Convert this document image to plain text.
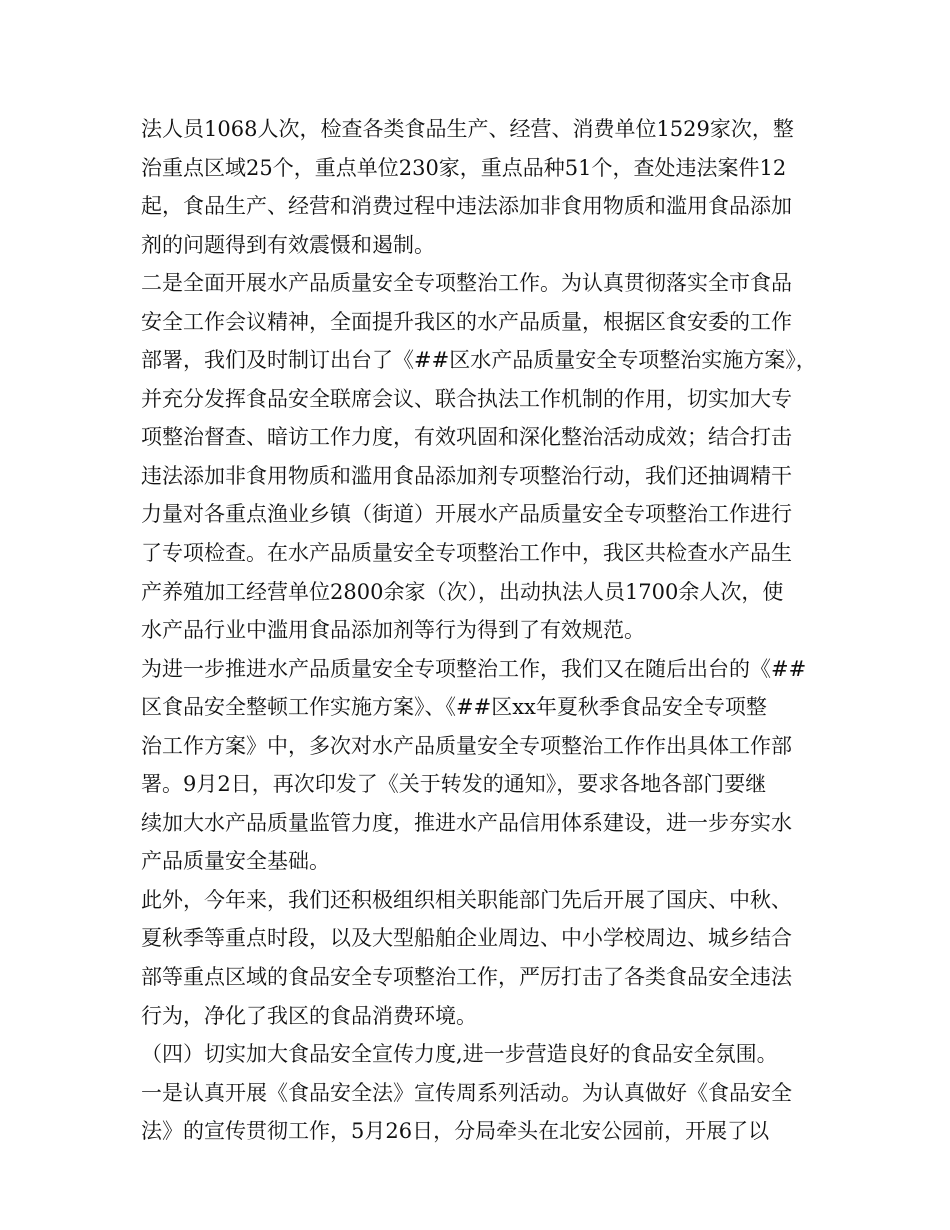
法人员1068人次，检查各类食品生产、经营、消费单位1529家次，整
治重点区域25个，重点单位230家，重点品种51个，查处违法案件12
起，食品生产、经营和消费过程中违法添加非食用物质和滥用食品添加
剂的问题得到有效震慑和遏制。
二是全面开展水产品质量安全专项整治工作。为认真贯彻落实全市食品
安全工作会议精神，全面提升我区的水产品质量，根据区食安委的工作
部署，我们及时制订出台了《##区水产品质量安全专项整治实施方案》，
并充分发挥食品安全联席会议、联合执法工作机制的作用，切实加大专
项整治督查、暗访工作力度，有效巩固和深化整治活动成效；结合打击
违法添加非食用物质和滥用食品添加剂专项整治行动，我们还抽调精干
力量对各重点渔业乡镇（街道）开展水产品质量安全专项整治工作进行
了专项检查。在水产品质量安全专项整治工作中，我区共检查水产品生
产养殖加工经营单位2800余家（次），出动执法人员1700余人次，使
水产品行业中滥用食品添加剂等行为得到了有效规范。
为进一步推进水产品质量安全专项整治工作，我们又在随后出台的《##
区食品安全整顿工作实施方案》、《##区xx年夏秋季食品安全专项整
治工作方案》中，多次对水产品质量安全专项整治工作作出具体工作部
署。9月2日，再次印发了《关于转发的通知》，要求各地各部门要继
续加大水产品质量监管力度，推进水产品信用体系建设，进一步夯实水
产品质量安全基础。
此外，今年来，我们还积极组织相关职能部门先后开展了国庆、中秋、
夏秋季等重点时段，以及大型船舶企业周边、中小学校周边、城乡结合
部等重点区域的食品安全专项整治工作，严厉打击了各类食品安全违法
行为，净化了我区的食品消费环境。
（四）切实加大食品安全宣传力度,进一步营造良好的食品安全氛围。
一是认真开展《食品安全法》宣传周系列活动。为认真做好《食品安全
法》的宣传贯彻工作，5月26日，分局牵头在北安公园前，开展了以
